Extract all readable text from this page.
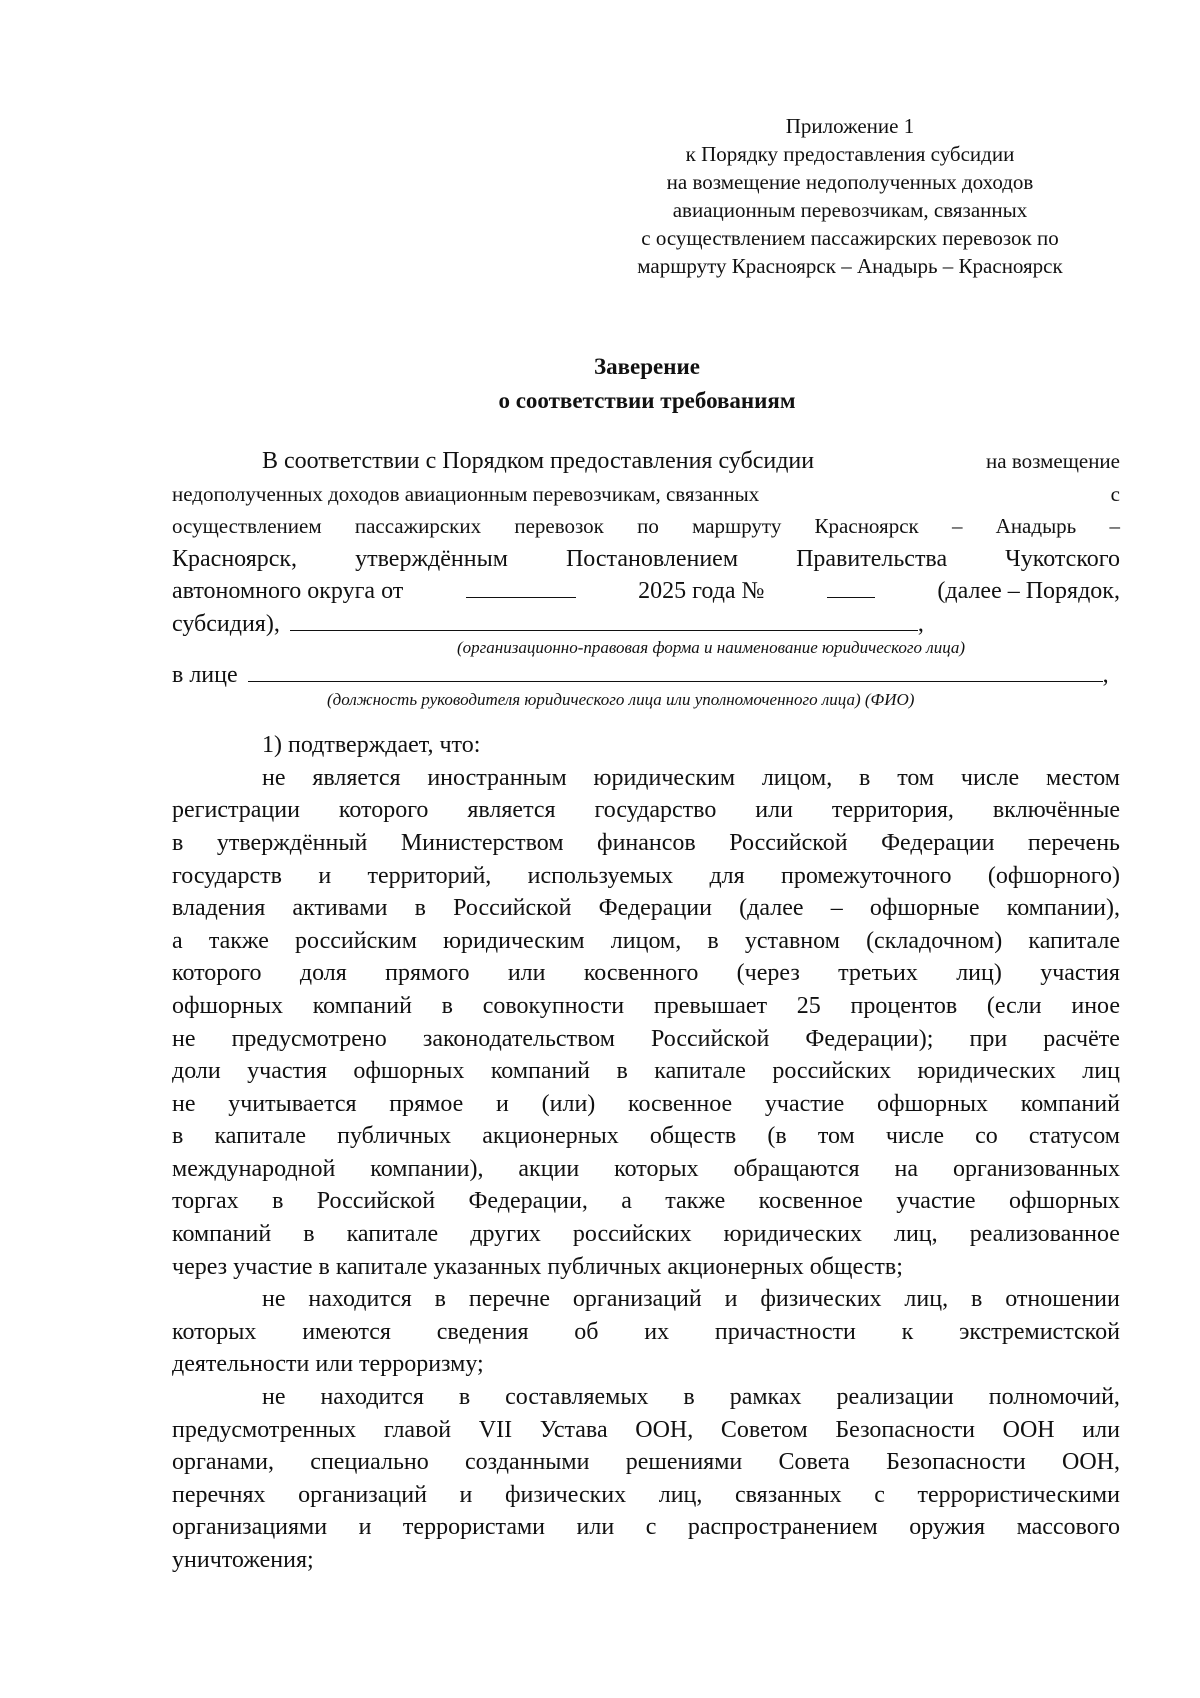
Приложение 1
к Порядку предоставления субсидии
на возмещение недополученных доходов
авиационным перевозчикам, связанных
с осуществлением пассажирских перевозок по
маршруту Красноярск – Анадырь – Красноярск
Заверение
о соответствии требованиям
В соответствии с Порядком предоставления субсидии	на возмещение
недополученных доходов авиационным перевозчикам, связанных	с
осуществлением пассажирских перевозок по маршруту Красноярск – Анадырь –
Красноярск, утверждённым Постановлением Правительства Чукотского
автономного округа от	2025 года №	(далее – Порядок,
субсидия),	,
(организационно-правовая форма и наименование юридического лица)
в лице	,
(должность руководителя юридического лица или уполномоченного лица) (ФИО)
1) подтверждает, что:
не является иностранным юридическим лицом, в том числе местом
регистрации которого является государство или территория, включённые
в утверждённый Министерством финансов Российской Федерации перечень
государств и территорий, используемых для промежуточного (офшорного)
владения активами в Российской Федерации (далее – офшорные компании),
а также российским юридическим лицом, в уставном (складочном) капитале
которого доля прямого или косвенного (через третьих лиц) участия
офшорных компаний в совокупности превышает 25 процентов (если иное
не предусмотрено законодательством Российской Федерации); при расчёте
доли участия офшорных компаний в капитале российских юридических лиц
не учитывается прямое и (или) косвенное участие офшорных компаний
в капитале публичных акционерных обществ (в том числе со статусом
международной компании), акции которых обращаются на организованных
торгах в Российской Федерации, а также косвенное участие офшорных
компаний в капитале других российских юридических лиц, реализованное
через участие в капитале указанных публичных акционерных обществ;
не находится в перечне организаций и физических лиц, в отношении
которых имеются сведения об их причастности к экстремистской
деятельности или терроризму;
не находится в составляемых в рамках реализации полномочий,
предусмотренных главой VII Устава ООН, Советом Безопасности ООН или
органами, специально созданными решениями Совета Безопасности ООН,
перечнях организаций и физических лиц, связанных с террористическими
организациями и террористами или с распространением оружия массового
уничтожения;
